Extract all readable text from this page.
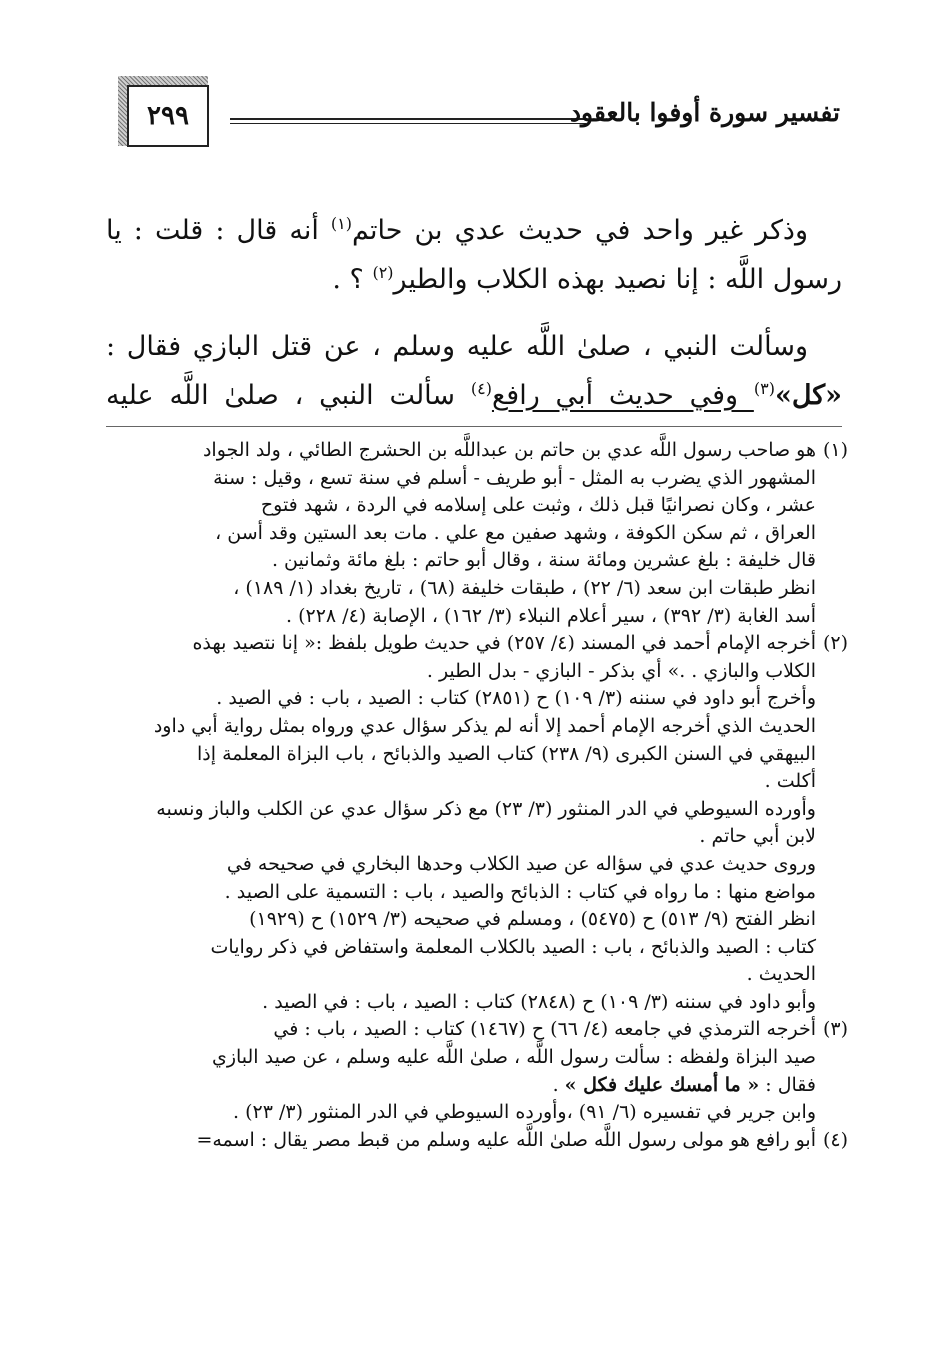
٢٩٩	تفسير سورة أوفوا بالعقود

وذكر غير واحد في حديث عدي بن حاتم$^{(١)}$ أنه قال : قلت : يا رسول اللَّه : إنا نصيد بهذه الكلاب والطير$^{(٢)}$ ؟ .

وسألت النبي ، صلىٰ اللَّه عليه وسلم ، عن قتل البازي فقال : «كل»$^{(٣)}$ وفي حديث أبي رافع$^{(٤)}$ سألت النبي ، صلىٰ اللَّه عليه

(١)
هو صاحب رسول اللَّه عدي بن حاتم بن عبداللَّه بن الحشرج الطائي ، ولد الجواد
المشهور الذي يضرب به المثل - أبو طريف - أسلم في سنة تسع ، وقيل : سنة
عشر ، وكان نصرانيًا قبل ذلك ، وثبت على إسلامه في الردة ، شهد فتوح
العراق ، ثم سكن الكوفة ، وشهد صفين مع علي . مات بعد الستين وقد أسن ،
قال خليفة : بلغ عشرين ومائة سنة ، وقال أبو حاتم : بلغ مائة وثمانين .
انظر طبقات ابن سعد (٦/ ٢٢) ، طبقات خليفة (٦٨) ، تاريخ بغداد (١/ ١٨٩) ،
أسد الغابة (٣/ ٣٩٢) ، سير أعلام النبلاء (٣/ ١٦٢) ، الإصابة (٤/ ٢٢٨) .
(٢)
أخرجه الإمام أحمد في المسند (٤/ ٢٥٧) في حديث طويل بلفظ :« إنا نتصيد بهذه
الكلاب والبازي . .» أي بذكر - البازي - بدل الطير .
وأخرج أبو داود في سننه (٣/ ١٠٩) ح (٢٨٥١) كتاب : الصيد ، باب : في الصيد .
الحديث الذي أخرجه الإمام أحمد إلا أنه لم يذكر سؤال عدي ورواه بمثل رواية أبي داود
البيهقي في السنن الكبرى (٩/ ٢٣٨) كتاب الصيد والذبائح ، باب البزاة المعلمة إذا
أكلت .
وأورده السيوطي في الدر المنثور (٣/ ٢٣) مع ذكر سؤال عدي عن الكلب والباز ونسبه
لابن أبي حاتم .
وروى حديث عدي في سؤاله عن صيد الكلاب وحدها البخاري في صحيحه في
مواضع منها : ما رواه في كتاب : الذبائح والصيد ، باب : التسمية على الصيد .
انظر الفتح (٩/ ٥١٣) ح (٥٤٧٥) ، ومسلم في صحيحه (٣/ ١٥٢٩) ح (١٩٢٩)
كتاب : الصيد والذبائح ، باب : الصيد بالكلاب المعلمة واستفاض في ذكر روايات
الحديث .
وأبو داود في سننه (٣/ ١٠٩) ح (٢٨٤٨) كتاب : الصيد ، باب : في الصيد .
(٣)
أخرجه الترمذي في جامعه (٤/ ٦٦) ح (١٤٦٧) كتاب : الصيد ، باب : في
صيد البزاة ولفظه : سألت رسول اللَّه ، صلىٰ اللَّه عليه وسلم ، عن صيد البازي
فقال : « ما أمسك عليك فكل » .
وابن جرير في تفسيره (٦/ ٩١) ،وأورده السيوطي في الدر المنثور (٣/ ٢٣) .
(٤)
أبو رافع هو مولى رسول اللَّه صلىٰ اللَّه عليه وسلم من قبط مصر يقال : اسمه=
